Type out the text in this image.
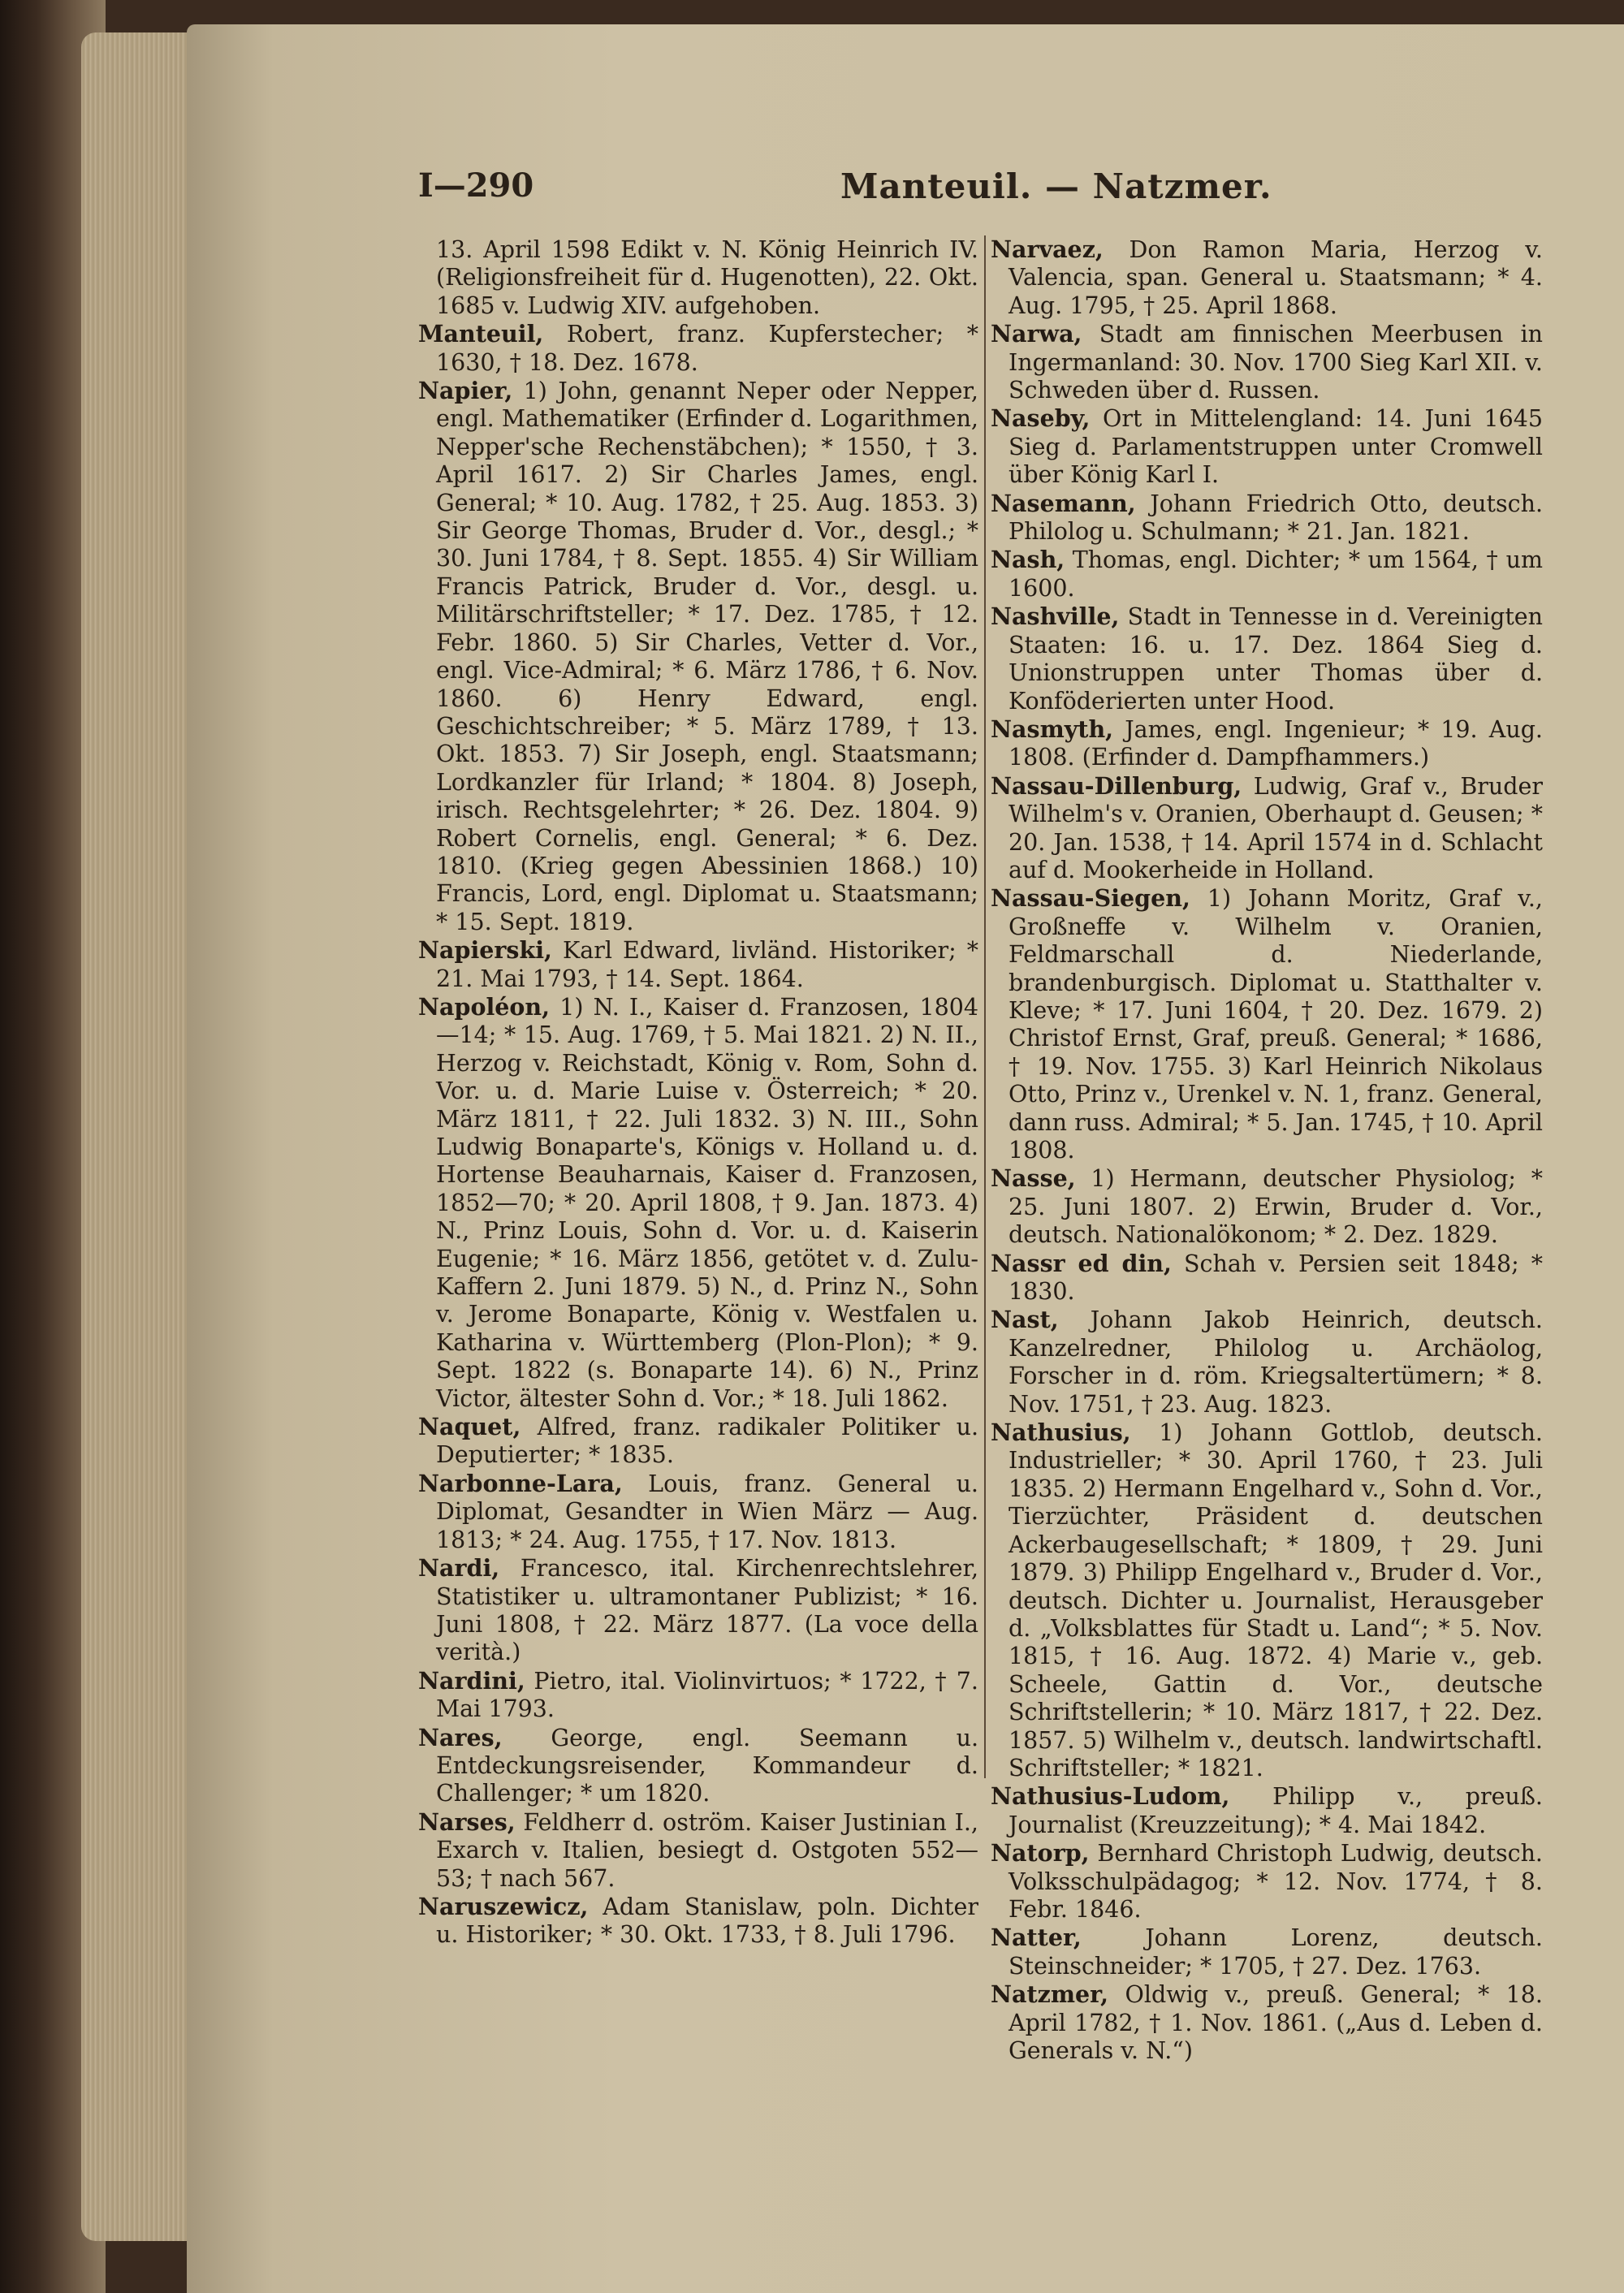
I—290	Manteuil. — Natzmer.

13. April 1598 Edikt v. N. König Heinrich IV. (Religionsfreiheit für d. Hugenotten), 22. Okt. 1685 v. Ludwig XIV. aufgehoben.

Manteuil, Robert, franz. Kupferstecher; * 1630, † 18. Dez. 1678.

Napier, 1) John, genannt Neper oder Nepper, engl. Mathematiker (Erfinder d. Logarithmen, Nepper'sche Rechenstäbchen); * 1550, † 3. April 1617. 2) Sir Charles James, engl. General; * 10. Aug. 1782, † 25. Aug. 1853. 3) Sir George Thomas, Bruder d. Vor., desgl.; * 30. Juni 1784, † 8. Sept. 1855. 4) Sir William Francis Patrick, Bruder d. Vor., desgl. u. Militärschriftsteller; * 17. Dez. 1785, † 12. Febr. 1860. 5) Sir Charles, Vetter d. Vor., engl. Vice-Admiral; * 6. März 1786, † 6. Nov. 1860. 6) Henry Edward, engl. Geschichtschreiber; * 5. März 1789, † 13. Okt. 1853. 7) Sir Joseph, engl. Staatsmann; Lordkanzler für Irland; * 1804. 8) Joseph, irisch. Rechtsgelehrter; * 26. Dez. 1804. 9) Robert Cornelis, engl. General; * 6. Dez. 1810. (Krieg gegen Abessinien 1868.) 10) Francis, Lord, engl. Diplomat u. Staatsmann; * 15. Sept. 1819.

Napierski, Karl Edward, livländ. Historiker; * 21. Mai 1793, † 14. Sept. 1864.

Napoléon, 1) N. I., Kaiser d. Franzosen, 1804—14; * 15. Aug. 1769, † 5. Mai 1821. 2) N. II., Herzog v. Reichstadt, König v. Rom, Sohn d. Vor. u. d. Marie Luise v. Österreich; * 20. März 1811, † 22. Juli 1832. 3) N. III., Sohn Ludwig Bonaparte's, Königs v. Holland u. d. Hortense Beauharnais, Kaiser d. Franzosen, 1852—70; * 20. April 1808, † 9. Jan. 1873. 4) N., Prinz Louis, Sohn d. Vor. u. d. Kaiserin Eugenie; * 16. März 1856, getötet v. d. Zulu-Kaffern 2. Juni 1879. 5) N., d. Prinz N., Sohn v. Jerome Bonaparte, König v. Westfalen u. Katharina v. Württemberg (Plon-Plon); * 9. Sept. 1822 (s. Bonaparte 14). 6) N., Prinz Victor, ältester Sohn d. Vor.; * 18. Juli 1862.

Naquet, Alfred, franz. radikaler Politiker u. Deputierter; * 1835.

Narbonne-Lara, Louis, franz. General u. Diplomat, Gesandter in Wien März — Aug. 1813; * 24. Aug. 1755, † 17. Nov. 1813.

Nardi, Francesco, ital. Kirchenrechtslehrer, Statistiker u. ultramontaner Publizist; * 16. Juni 1808, † 22. März 1877. (La voce della verità.)

Nardini, Pietro, ital. Violinvirtuos; * 1722, † 7. Mai 1793.

Nares, George, engl. Seemann u. Entdeckungsreisender, Kommandeur d. Challenger; * um 1820.

Narses, Feldherr d. oström. Kaiser Justinian I., Exarch v. Italien, besiegt d. Ostgoten 552—53; † nach 567.

Naruszewicz, Adam Stanislaw, poln. Dichter u. Historiker; * 30. Okt. 1733, † 8. Juli 1796.

Narvaez, Don Ramon Maria, Herzog v. Valencia, span. General u. Staatsmann; * 4. Aug. 1795, † 25. April 1868.

Narwa, Stadt am finnischen Meerbusen in Ingermanland: 30. Nov. 1700 Sieg Karl XII. v. Schweden über d. Russen.

Naseby, Ort in Mittelengland: 14. Juni 1645 Sieg d. Parlamentstruppen unter Cromwell über König Karl I.

Nasemann, Johann Friedrich Otto, deutsch. Philolog u. Schulmann; * 21. Jan. 1821.

Nash, Thomas, engl. Dichter; * um 1564, † um 1600.

Nashville, Stadt in Tennesse in d. Vereinigten Staaten: 16. u. 17. Dez. 1864 Sieg d. Unionstruppen unter Thomas über d. Konföderierten unter Hood.

Nasmyth, James, engl. Ingenieur; * 19. Aug. 1808. (Erfinder d. Dampfhammers.)

Nassau-Dillenburg, Ludwig, Graf v., Bruder Wilhelm's v. Oranien, Oberhaupt d. Geusen; * 20. Jan. 1538, † 14. April 1574 in d. Schlacht auf d. Mookerheide in Holland.

Nassau-Siegen, 1) Johann Moritz, Graf v., Großneffe v. Wilhelm v. Oranien, Feldmarschall d. Niederlande, brandenburgisch. Diplomat u. Statthalter v. Kleve; * 17. Juni 1604, † 20. Dez. 1679. 2) Christof Ernst, Graf, preuß. General; * 1686, † 19. Nov. 1755. 3) Karl Heinrich Nikolaus Otto, Prinz v., Urenkel v. N. 1, franz. General, dann russ. Admiral; * 5. Jan. 1745, † 10. April 1808.

Nasse, 1) Hermann, deutscher Physiolog; * 25. Juni 1807. 2) Erwin, Bruder d. Vor., deutsch. Nationalökonom; * 2. Dez. 1829.

Nassr ed din, Schah v. Persien seit 1848; * 1830.

Nast, Johann Jakob Heinrich, deutsch. Kanzelredner, Philolog u. Archäolog, Forscher in d. röm. Kriegsaltertümern; * 8. Nov. 1751, † 23. Aug. 1823.

Nathusius, 1) Johann Gottlob, deutsch. Industrieller; * 30. April 1760, † 23. Juli 1835. 2) Hermann Engelhard v., Sohn d. Vor., Tierzüchter, Präsident d. deutschen Ackerbaugesellschaft; * 1809, † 29. Juni 1879. 3) Philipp Engelhard v., Bruder d. Vor., deutsch. Dichter u. Journalist, Herausgeber d. „Volksblattes für Stadt u. Land“; * 5. Nov. 1815, † 16. Aug. 1872. 4) Marie v., geb. Scheele, Gattin d. Vor., deutsche Schriftstellerin; * 10. März 1817, † 22. Dez. 1857. 5) Wilhelm v., deutsch. landwirtschaftl. Schriftsteller; * 1821.

Nathusius-Ludom, Philipp v., preuß. Journalist (Kreuzzeitung); * 4. Mai 1842.

Natorp, Bernhard Christoph Ludwig, deutsch. Volksschulpädagog; * 12. Nov. 1774, † 8. Febr. 1846.

Natter, Johann Lorenz, deutsch. Steinschneider; * 1705, † 27. Dez. 1763.

Natzmer, Oldwig v., preuß. General; * 18. April 1782, † 1. Nov. 1861. („Aus d. Leben d. Generals v. N.“)
